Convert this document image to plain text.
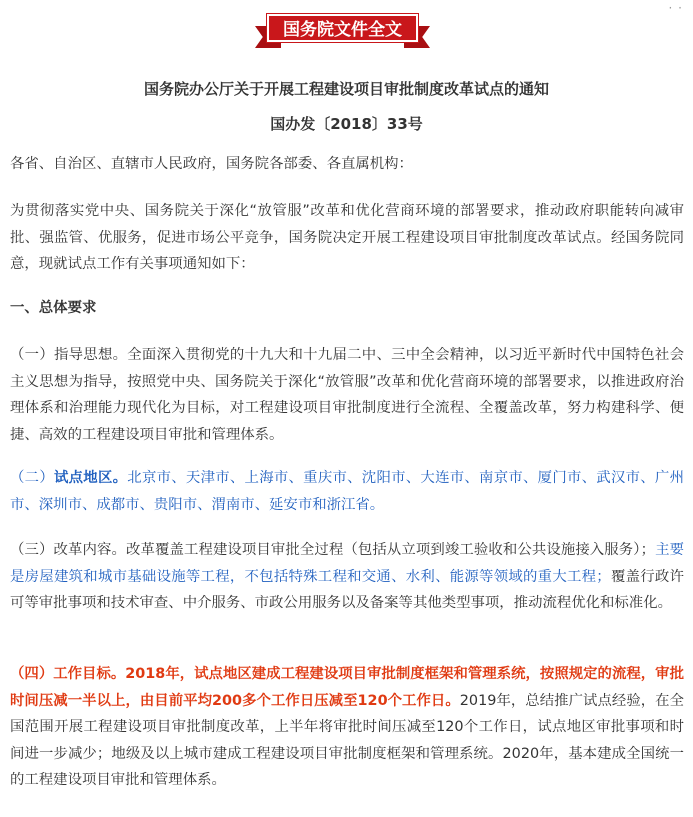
· ·
国务院文件全文
国务院办公厅关于开展工程建设项目审批制度改革试点的通知
国办发〔2018〕33号
各省、自治区、直辖市人民政府，国务院各部委、各直属机构：
为贯彻落实党中央、国务院关于深化“放管服”改革和优化营商环境的部署要求，推动政府职能转向减审批、强监管、优服务，促进市场公平竞争，国务院决定开展工程建设项目审批制度改革试点。经国务院同意，现就试点工作有关事项通知如下：
一、总体要求
（一）指导思想。全面深入贯彻党的十九大和十九届二中、三中全会精神，以习近平新时代中国特色社会主义思想为指导，按照党中央、国务院关于深化“放管服”改革和优化营商环境的部署要求，以推进政府治理体系和治理能力现代化为目标，对工程建设项目审批制度进行全流程、全覆盖改革，努力构建科学、便捷、高效的工程建设项目审批和管理体系。
（二）试点地区。北京市、天津市、上海市、重庆市、沈阳市、大连市、南京市、厦门市、武汉市、广州市、深圳市、成都市、贵阳市、渭南市、延安市和浙江省。
（三）改革内容。改革覆盖工程建设项目审批全过程（包括从立项到竣工验收和公共设施接入服务）；主要是房屋建筑和城市基础设施等工程，不包括特殊工程和交通、水利、能源等领域的重大工程；覆盖行政许可等审批事项和技术审查、中介服务、市政公用服务以及备案等其他类型事项，推动流程优化和标准化。
（四）工作目标。2018年，试点地区建成工程建设项目审批制度框架和管理系统，按照规定的流程，审批时间压减一半以上，由目前平均200多个工作日压减至120个工作日。2019年，总结推广试点经验，在全国范围开展工程建设项目审批制度改革，上半年将审批时间压减至120个工作日，试点地区审批事项和时间进一步减少；地级及以上城市建成工程建设项目审批制度框架和管理系统。2020年，基本建成全国统一的工程建设项目审批和管理体系。
